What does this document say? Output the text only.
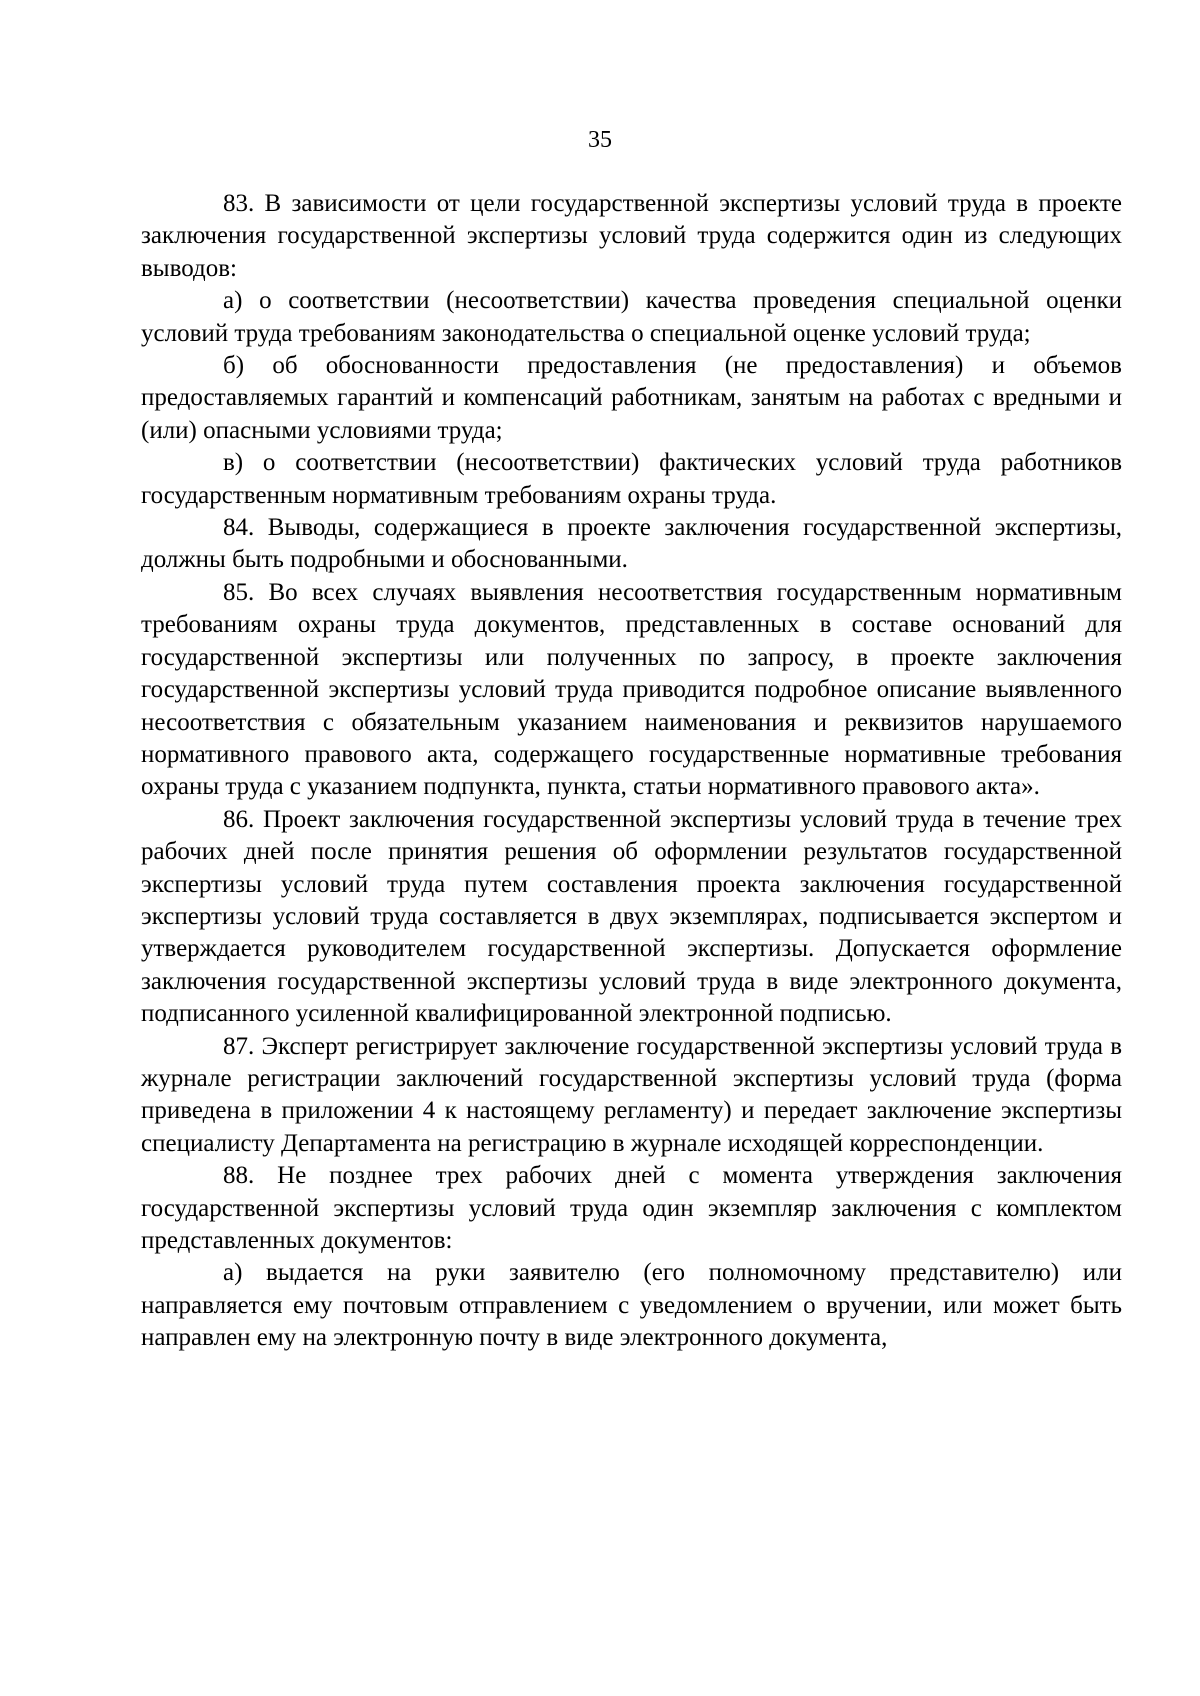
35

83. В зависимости от цели государственной экспертизы условий труда в проекте заключения государственной экспертизы условий труда содержится один из следующих выводов:

а) о соответствии (несоответствии) качества проведения специальной оценки условий труда требованиям законодательства о специальной оценке условий труда;

б) об обоснованности предоставления (не предоставления) и объемов предоставляемых гарантий и компенсаций работникам, занятым на работах с вредными и (или) опасными условиями труда;

в) о соответствии (несоответствии) фактических условий труда работников государственным нормативным требованиям охраны труда.

84. Выводы, содержащиеся в проекте заключения государственной экспертизы, должны быть подробными и обоснованными.

85. Во всех случаях выявления несоответствия государственным нормативным требованиям охраны труда документов, представленных в составе оснований для государственной экспертизы или полученных по запросу, в проекте заключения государственной экспертизы условий труда приводится подробное описание выявленного несоответствия с обязательным указанием наименования и реквизитов нарушаемого нормативного правового акта, содержащего государственные нормативные требования охраны труда с указанием подпункта, пункта, статьи нормативного правового акта».

86. Проект заключения государственной экспертизы условий труда в течение трех рабочих дней после принятия решения об оформлении результатов государственной экспертизы условий труда путем составления проекта заключения государственной экспертизы условий труда составляется в двух экземплярах, подписывается экспертом и утверждается руководителем государственной экспертизы. Допускается оформление заключения государственной экспертизы условий труда в виде электронного документа, подписанного усиленной квалифицированной электронной подписью.

87. Эксперт регистрирует заключение государственной экспертизы условий труда в журнале регистрации заключений государственной экспертизы условий труда (форма приведена в приложении 4 к настоящему регламенту) и передает заключение экспертизы специалисту Департамента на регистрацию в журнале исходящей корреспонденции.

88. Не позднее трех рабочих дней с момента утверждения заключения государственной экспертизы условий труда один экземпляр заключения с комплектом представленных документов:

а) выдается на руки заявителю (его полномочному представителю) или направляется ему почтовым отправлением с уведомлением о вручении, или может быть направлен ему на электронную почту в виде электронного документа,
